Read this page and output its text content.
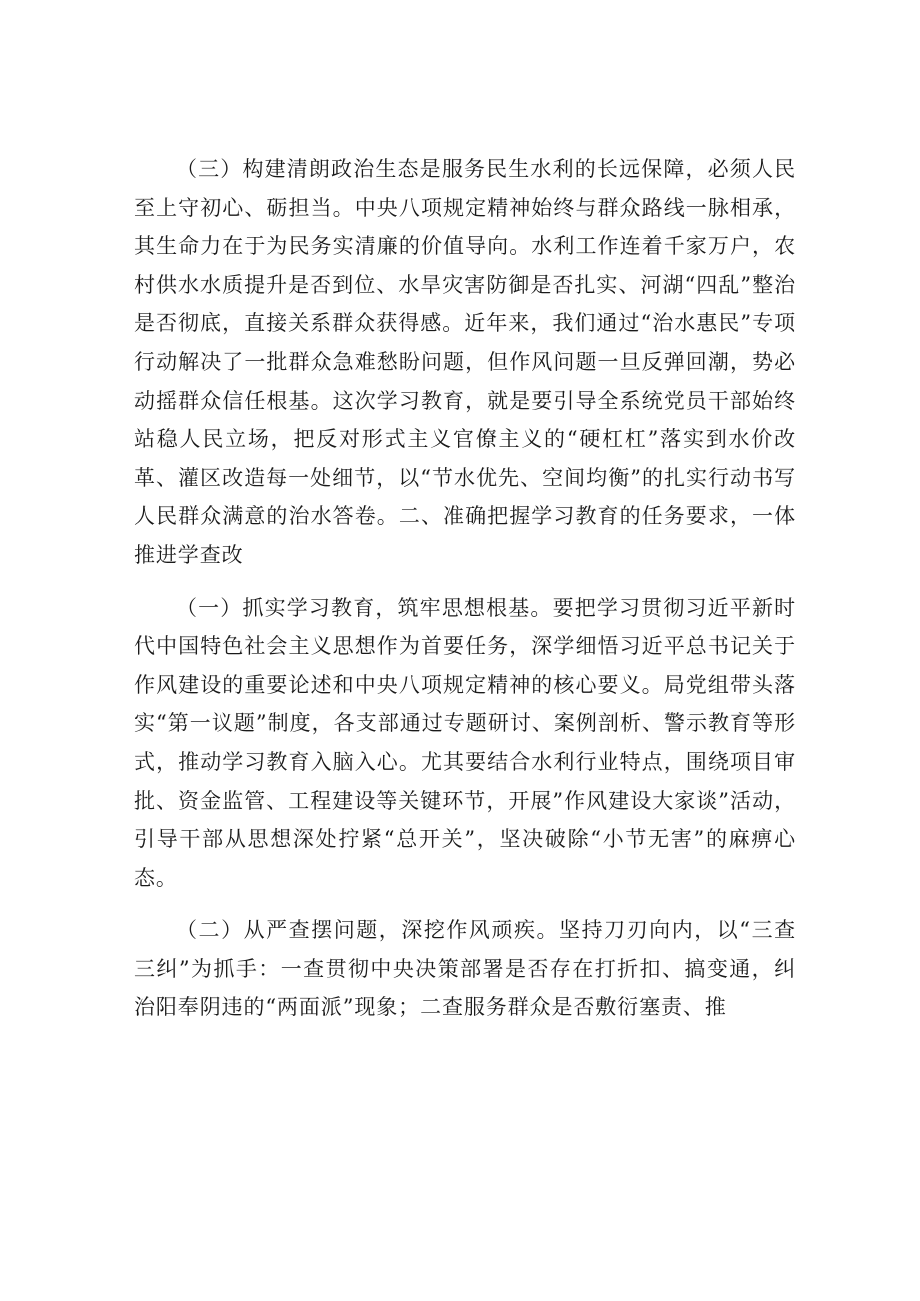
（三）构建清朗政治生态是服务民生水利的长远保障，必须人民至上守初心、砺担当。中央八项规定精神始终与群众路线一脉相承，其生命力在于为民务实清廉的价值导向。水利工作连着千家万户，农村供水水质提升是否到位、水旱灾害防御是否扎实、河湖“四乱”整治是否彻底，直接关系群众获得感。近年来，我们通过“治水惠民”专项行动解决了一批群众急难愁盼问题，但作风问题一旦反弹回潮，势必动摇群众信任根基。这次学习教育，就是要引导全系统党员干部始终站稳人民立场，把反对形式主义官僚主义的“硬杠杠”落实到水价改革、灌区改造每一处细节，以“节水优先、空间均衡”的扎实行动书写人民群众满意的治水答卷。二、准确把握学习教育的任务要求，一体推进学查改

（一）抓实学习教育，筑牢思想根基。要把学习贯彻习近平新时代中国特色社会主义思想作为首要任务，深学细悟习近平总书记关于作风建设的重要论述和中央八项规定精神的核心要义。局党组带头落实“第一议题”制度，各支部通过专题研讨、案例剖析、警示教育等形式，推动学习教育入脑入心。尤其要结合水利行业特点，围绕项目审批、资金监管、工程建设等关键环节，开展”作风建设大家谈”活动，引导干部从思想深处拧紧“总开关”，坚决破除“小节无害”的麻痹心态。

（二）从严查摆问题，深挖作风顽疾。坚持刀刃向内，以“三查三纠”为抓手：一查贯彻中央决策部署是否存在打折扣、搞变通，纠治阳奉阴违的“两面派”现象；二查服务群众是否敷衍塞责、推
